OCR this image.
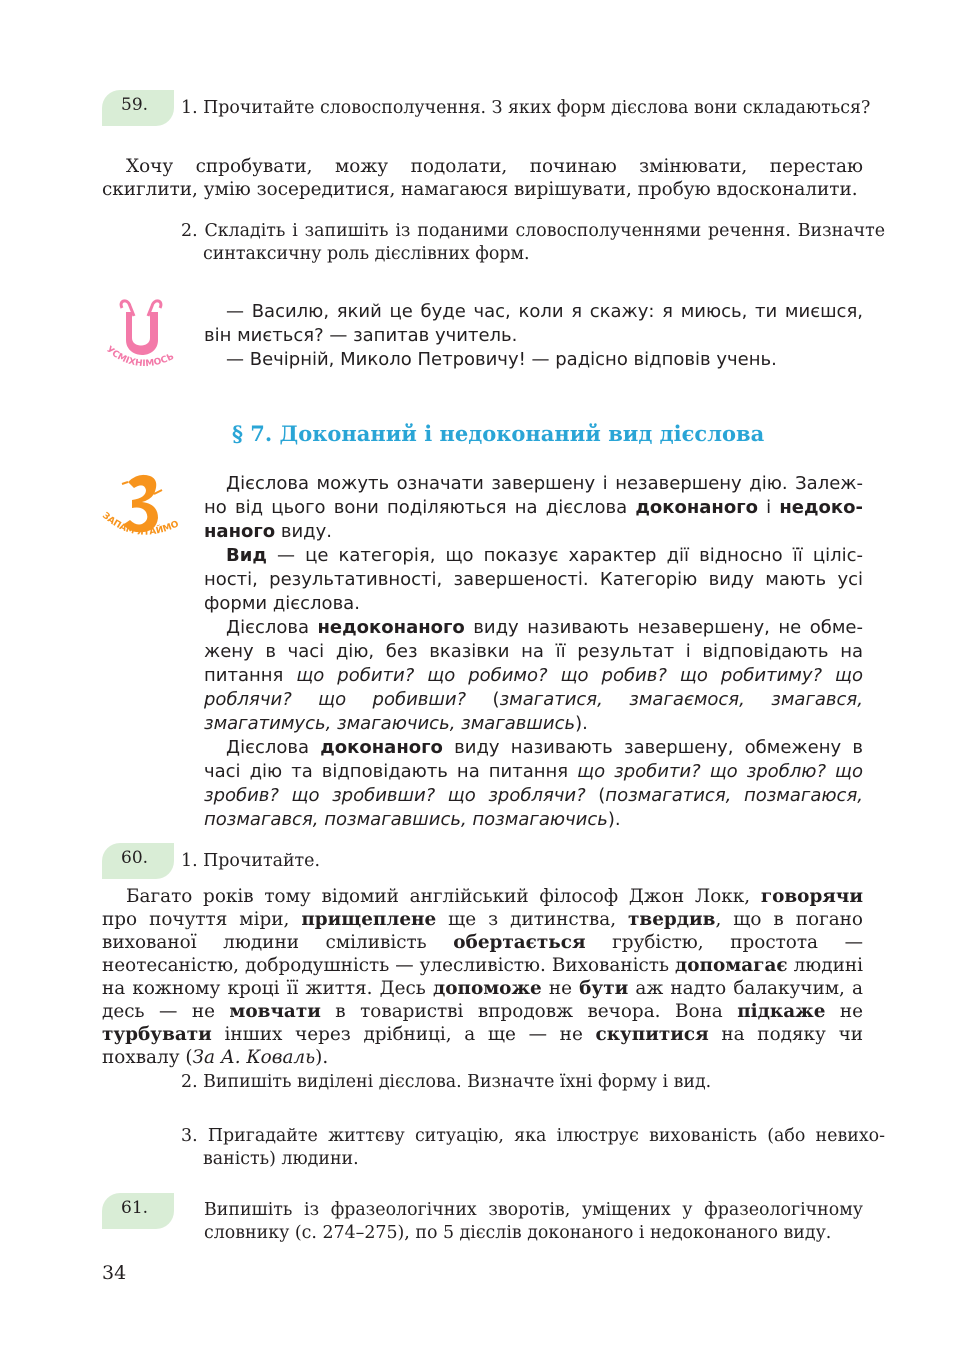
59. 1. Прочитайте словосполучення. З яких форм дієслова вони складаються?

Хочу спробувати, можу подолати, починаю змінювати, перестаю скиглити, умію зосередитися, намагаюся вирішувати, пробую вдосконалити.

2. Складіть і запишіть із поданими словосполученнями речення. Визначте синтаксичну роль дієслівних форм.

УСМІХНІМОСЬ

— Василю, який це буде час, коли я скажу: я миюсь, ти миєшся, він миється? — запитав учитель.

— Вечірній, Миколо Петровичу! — радісно відповів учень.

§ 7. Доконаний і недоконаний вид дієслова
ЗАПАМ'ЯТАЙМО

Дієслова можуть означати завершену і незавершену дію. Залежно від цього вони поділяються на дієслова доконаного і недоконаного виду.

Вид — це категорія, що показує характер дії відносно її цілісності, результативності, завершеності. Категорію виду мають усі форми дієслова.

Дієслова недоконаного виду називають незавершену, не обмежену в часі дію, без вказівки на її результат і відповідають на питання що робити? що робимо? що робив? що робитиму? що роблячи? що робивши? (змагатися, змагаємося, змагався, змагатимусь, змагаючись, змагавшись).

Дієслова доконаного виду називають завершену, обмежену в часі дію та відповідають на питання що зробити? що зроблю? що зробив? що зробивши? що зроблячи? (позмагатися, позмагаюся, позмагався, позмагавшись, позмагаючись).

60. 1. Прочитайте.

Багато років тому відомий англійський філософ Джон Локк, говорячи про почуття міри, прищеплене ще з дитинства, твердив, що в погано вихованої людини сміливість обертається грубістю, простота — неотесаністю, добродушність — улесливістю. Вихованість допомагає людині на кожному кроці її життя. Десь допоможе не бути аж надто балакучим, а десь — не мовчати в товаристві впродовж вечора. Вона підкаже не турбувати інших через дрібниці, а ще — не скупитися на подяку чи похвалу (За А. Коваль).

2. Випишіть виділені дієслова. Визначте їхні форму і вид.

3. Пригадайте життєву ситуацію, яка ілюструє вихованість (або невихованість) людини.

61.	Випишіть із фразеологічних зворотів, уміщених у фразеологічному словнику (с. 274–275), по 5 дієслів доконаного і недоконаного виду.

34
